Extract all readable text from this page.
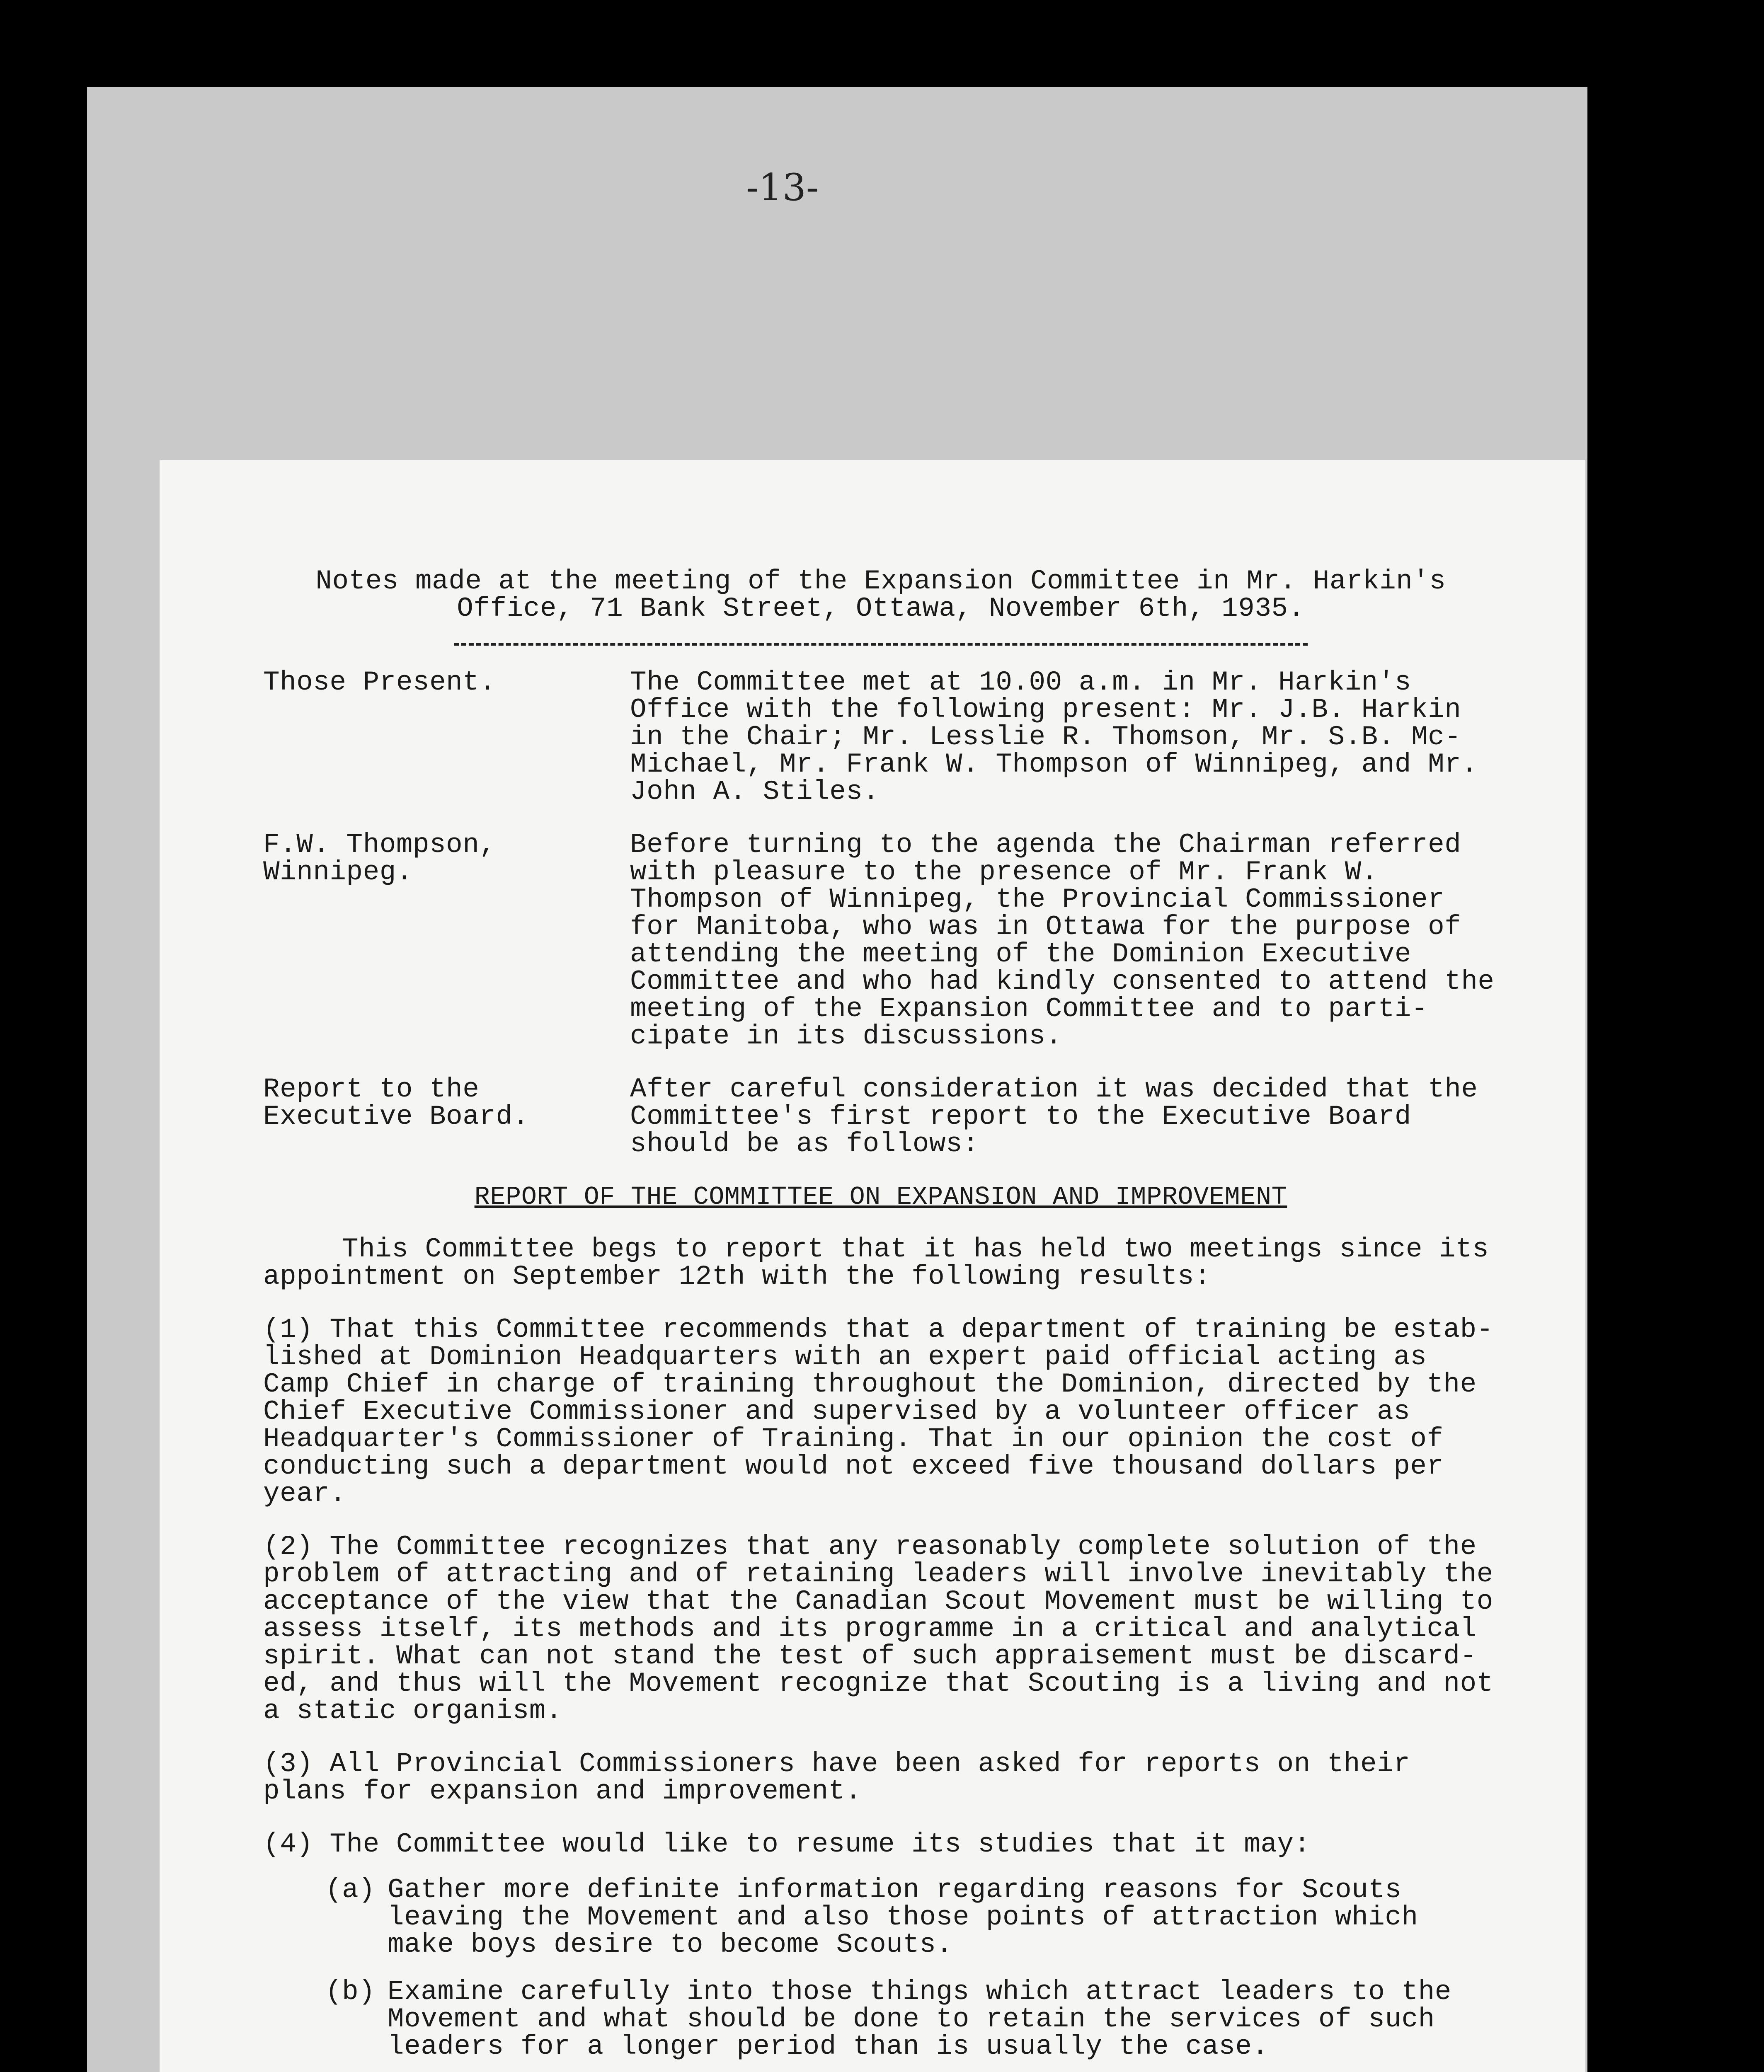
-13-
Notes made at the meeting of the Expansion Committee in Mr. Harkin's
Office, 71 Bank Street, Ottawa, November 6th, 1935.
Those Present.	The Committee met at 10.00 a.m. in Mr. Harkin's Office with the following present: Mr. J.B. Harkin in the Chair; Mr. Lesslie R. Thomson, Mr. S.B. Mc-Michael, Mr. Frank W. Thompson of Winnipeg, and Mr. John A. Stiles.
F.W. Thompson,
Winnipeg.
Before turning to the agenda the Chairman referred with pleasure to the presence of Mr. Frank W. Thompson of Winnipeg, the Provincial Commissioner for Manitoba, who was in Ottawa for the purpose of attending the meeting of the Dominion Executive Committee and who had kindly consented to attend the meeting of the Expansion Committee and to parti-cipate in its discussions.
Report to the
Executive Board.
After careful consideration it was decided that the Committee's first report to the Executive Board should be as follows:
REPORT OF THE COMMITTEE ON EXPANSION AND IMPROVEMENT
This Committee begs to report that it has held two meetings since its appointment on September 12th with the following results:
(1) That this Committee recommends that a department of training be estab-lished at Dominion Headquarters with an expert paid official acting as Camp Chief in charge of training throughout the Dominion, directed by the Chief Executive Commissioner and supervised by a volunteer officer as Headquarter's Commissioner of Training. That in our opinion the cost of conducting such a department would not exceed five thousand dollars per year.
(2) The Committee recognizes that any reasonably complete solution of the problem of attracting and of retaining leaders will involve inevitably the acceptance of the view that the Canadian Scout Movement must be willing to assess itself, its methods and its programme in a critical and analytical spirit. What can not stand the test of such appraisement must be discard-ed, and thus will the Movement recognize that Scouting is a living and not a static organism.
(3) All Provincial Commissioners have been asked for reports on their plans for expansion and improvement.
(4) The Committee would like to resume its studies that it may:
(a) Gather more definite information regarding reasons for Scouts leaving the Movement and also those points of attraction which make boys desire to become Scouts.
(b) Examine carefully into those things which attract leaders to the Movement and what should be done to retain the services of such leaders for a longer period than is usually the case.
